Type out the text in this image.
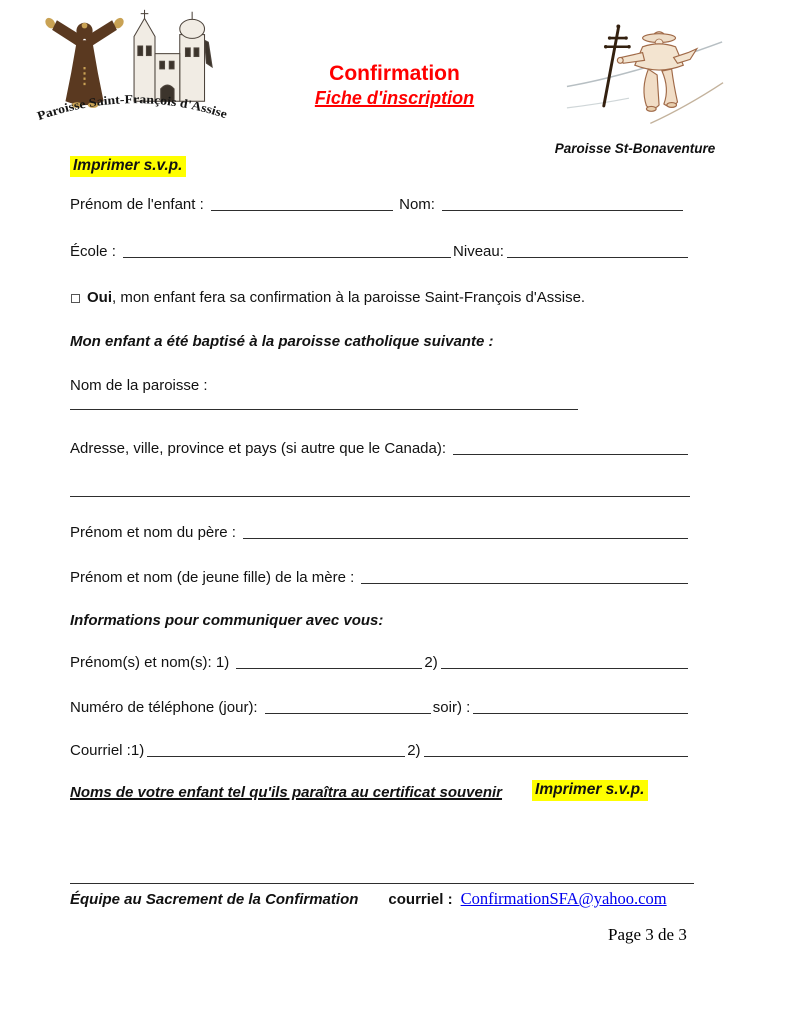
Paroisse Saint-François d'Assise
Confirmation
Fiche d'inscription
Paroisse St-Bonaventure
Imprimer s.v.p.
Prénom de l'enfant :	Nom:
École :	Niveau:
Oui , mon enfant fera sa confirmation à la paroisse Saint-François d'Assise.
Mon enfant a été baptisé à la paroisse catholique suivante :
Nom de la paroisse :
Adresse, ville, province et pays (si autre que le Canada):
Prénom et nom du père :
Prénom et nom (de jeune fille) de la mère :
Informations pour communiquer avec vous:
Prénom(s) et nom(s): 1)	2)
Numéro de téléphone (jour):	soir) :
Courriel :1)	2)
Noms de votre enfant tel qu'ils paraîtra au certificat souvenir Imprimer s.v.p.
Équipe au Sacrement de la Confirmation courriel : ConfirmationSFA@yahoo.com
Page 3 de 3
